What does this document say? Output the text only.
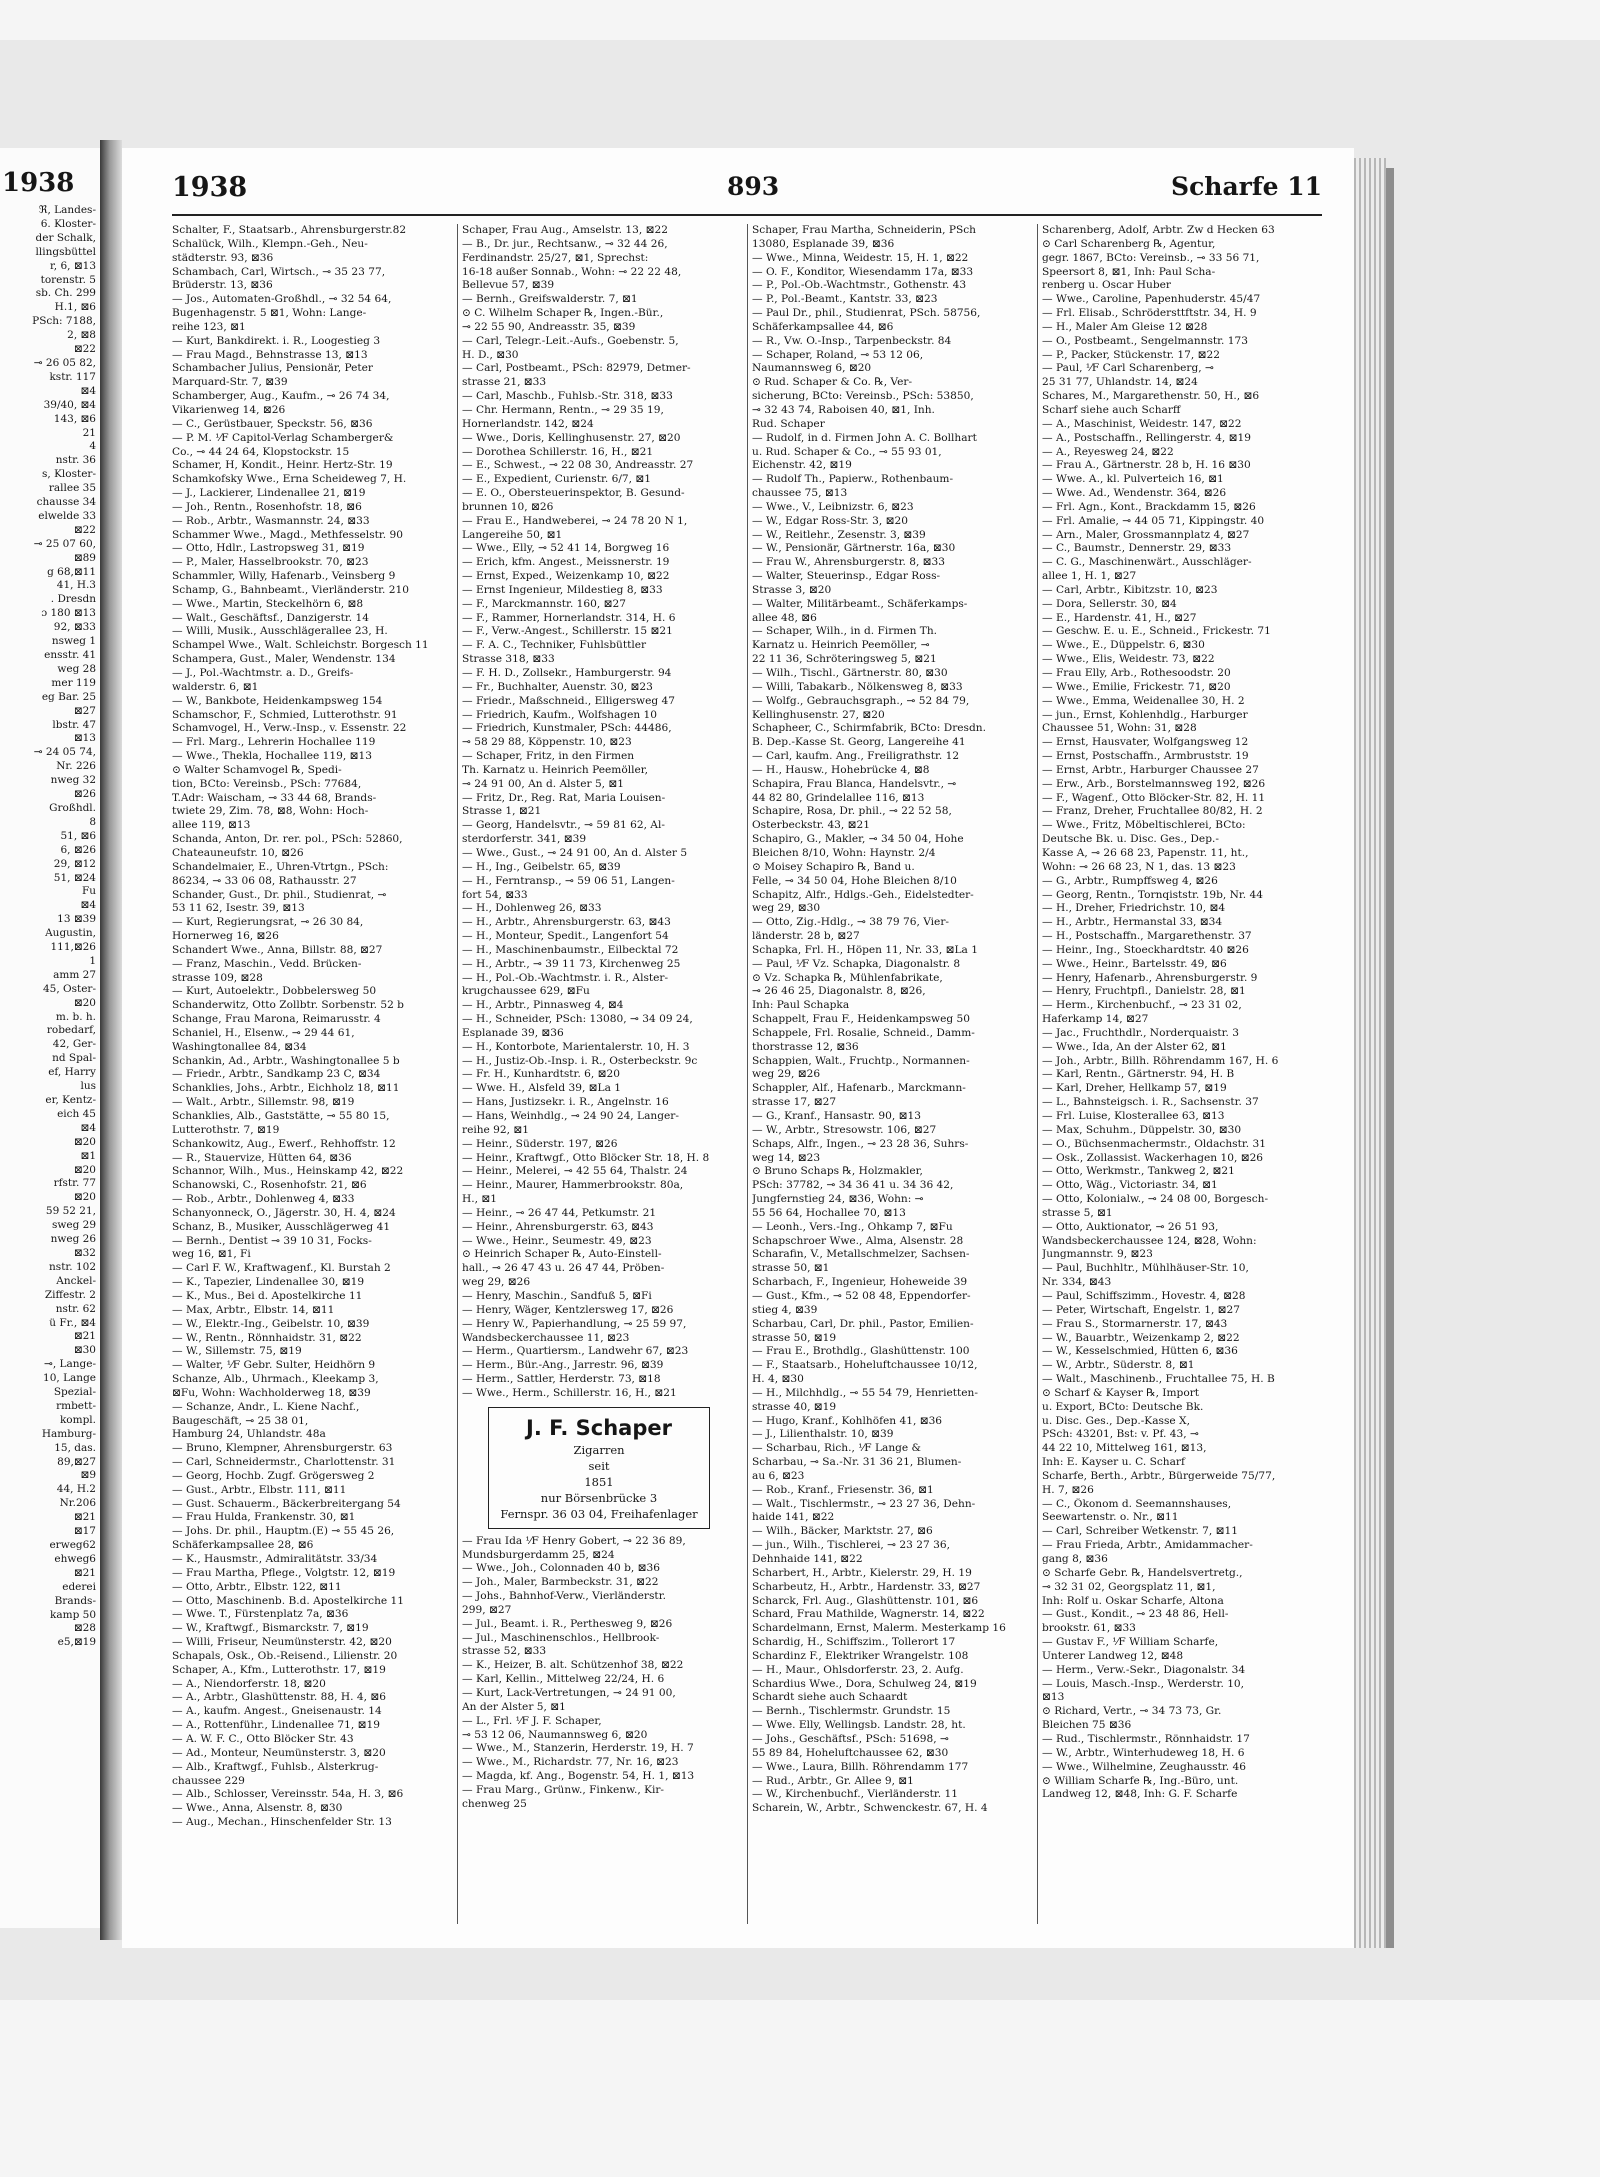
1938
ℜ, Landes-
6. Kloster-
der Schalk,
llingsbüttel
r, 6, ⊠13
torenstr. 5
sb. Ch. 299
H.1, ⊠6
PSch: 7188,
2, ⊠8
⊠22
⊸ 26 05 82,
kstr. 117
⊠4
39/40, ⊠4
143, ⊠6
21
4
nstr. 36
s, Kloster-
rallee 35
chausse 34
elwelde 33
⊠22
⊸ 25 07 60,
⊠89
g 68,⊠11
41, H.3
. Dresdn
ɔ 180 ⊠13
92, ⊠33
nsweg 1
ensstr. 41
weg 28
mer 119
eg Bar. 25
⊠27
lbstr. 47
⊠13
⊸ 24 05 74,
Nr. 226
nweg 32
⊠26
Großhdl.
8
51, ⊠6
6, ⊠26
29, ⊠12
51, ⊠24
Fu
⊠4
13 ⊠39
Augustin,
111,⊠26
1
amm 27
45, Oster-
⊠20
m. b. h.
robedarf,
42, Ger-
nd Spal-
ef, Harry
lus
er, Kentz-
eich 45
⊠4
⊠20
⊠1
⊠20
rfstr. 77
⊠20
59 52 21,
sweg 29
nweg 26
⊠32
nstr. 102
Anckel-
Ziffestr. 2
nstr. 62
ü Fr., ⊠4
⊠21
⊠30
⊸, Lange-
10, Lange
Spezial-
rmbett-
kompl.
Hamburg-
15, das.
89,⊠27
⊠9
44, H.2
Nr.206
⊠21
⊠17
erweg62
ehweg6
⊠21
ederei
Brands-
kamp 50
⊠28
e5,⊠19
1938	893	Scharfe 11
Schalter, F., Staatsarb., Ahrensburgerstr.82
Schalück, Wilh., Klempn.-Geh., Neu-
städterstr. 93, ⊠36
Schambach, Carl, Wirtsch., ⊸ 35 23 77,
Brüderstr. 13, ⊠36
— Jos., Automaten-Großhdl., ⊸ 32 54 64,
Bugenhagenstr. 5 ⊠1, Wohn: Lange-
reihe 123, ⊠1
— Kurt, Bankdirekt. i. R., Loogestieg 3
— Frau Magd., Behnstrasse 13, ⊠13
Schambacher Julius, Pensionär, Peter
Marquard-Str. 7, ⊠39
Schamberger, Aug., Kaufm., ⊸ 26 74 34,
Vikarienweg 14, ⊠26
— C., Gerüstbauer, Speckstr. 56, ⊠36
— P. M. ⅟F Capitol-Verlag Schamberger&
Co., ⊸ 44 24 64, Klopstockstr. 15
Schamer, H, Kondit., Heinr. Hertz-Str. 19
Schamkofsky Wwe., Erna Scheideweg 7, H.
— J., Lackierer, Lindenallee 21, ⊠19
— Joh., Rentn., Rosenhofstr. 18, ⊠6
— Rob., Arbtr., Wasmannstr. 24, ⊠33
Schammer Wwe., Magd., Methfesselstr. 90
— Otto, Hdlr., Lastropsweg 31, ⊠19
— P., Maler, Hasselbrookstr. 70, ⊠23
Schammler, Willy, Hafenarb., Veinsberg 9
Schamp, G., Bahnbeamt., Vierländerstr. 210
— Wwe., Martin, Steckelhörn 6, ⊠8
— Walt., Geschäftsf., Danzigerstr. 14
— Willi, Musik., Ausschlägerallee 23, H.
Schampel Wwe., Walt. Schleichstr. Borgesch 11
Schampera, Gust., Maler, Wendenstr. 134
— J., Pol.-Wachtmstr. a. D., Greifs-
walderstr. 6, ⊠1
— W., Bankbote, Heidenkampsweg 154
Schamschor, F., Schmied, Lutterothstr. 91
Schamvogel, H., Verw.-Insp., v. Essenstr. 22
— Frl. Marg., Lehrerin Hochallee 119
— Wwe., Thekla, Hochallee 119, ⊠13
⊙ Walter Schamvogel ℞, Spedi-
tion, BCto: Vereinsb., PSch: 77684,
T.Adr: Waischam, ⊸ 33 44 68, Brands-
twiete 29, Zim. 78, ⊠8, Wohn: Hoch-
allee 119, ⊠13
Schanda, Anton, Dr. rer. pol., PSch: 52860,
Chateauneufstr. 10, ⊠26
Schandelmaier, E., Uhren-Vtrtgn., PSch:
86234, ⊸ 33 06 08, Rathausstr. 27
Schander, Gust., Dr. phil., Studienrat, ⊸
53 11 62, Isestr. 39, ⊠13
— Kurt, Regierungsrat, ⊸ 26 30 84,
Hornerweg 16, ⊠26
Schandert Wwe., Anna, Billstr. 88, ⊠27
— Franz, Maschin., Vedd. Brücken-
strasse 109, ⊠28
— Kurt, Autoelektr., Dobbelersweg 50
Schanderwitz, Otto Zollbtr. Sorbenstr. 52 b
Schange, Frau Marona, Reimarusstr. 4
Schaniel, H., Elsenw., ⊸ 29 44 61,
Washingtonallee 84, ⊠34
Schankin, Ad., Arbtr., Washingtonallee 5 b
— Friedr., Arbtr., Sandkamp 23 C, ⊠34
Schanklies, Johs., Arbtr., Eichholz 18, ⊠11
— Walt., Arbtr., Sillemstr. 98, ⊠19
Schanklies, Alb., Gaststätte, ⊸ 55 80 15,
Lutterothstr. 7, ⊠19
Schankowitz, Aug., Ewerf., Rehhoffstr. 12
— R., Stauervize, Hütten 64, ⊠36
Schannor, Wilh., Mus., Heinskamp 42, ⊠22
Schanowski, C., Rosenhofstr. 21, ⊠6
— Rob., Arbtr., Dohlenweg 4, ⊠33
Schanyonneck, O., Jägerstr. 30, H. 4, ⊠24
Schanz, B., Musiker, Ausschlägerweg 41
— Bernh., Dentist ⊸ 39 10 31, Focks-
weg 16, ⊠1, Fi
— Carl F. W., Kraftwagenf., Kl. Burstah 2
— K., Tapezier, Lindenallee 30, ⊠19
— K., Mus., Bei d. Apostelkirche 11
— Max, Arbtr., Elbstr. 14, ⊠11
— W., Elektr.-Ing., Geibelstr. 10, ⊠39
— W., Rentn., Rönnhaidstr. 31, ⊠22
— W., Sillemstr. 75, ⊠19
— Walter, ⅟F Gebr. Sulter, Heidhörn 9
Schanze, Alb., Uhrmach., Kleekamp 3,
⊠Fu, Wohn: Wachholderweg 18, ⊠39
— Schanze, Andr., L. Kiene Nachf.,
Baugeschäft, ⊸ 25 38 01,
Hamburg 24, Uhlandstr. 48a
— Bruno, Klempner, Ahrensburgerstr. 63
— Carl, Schneidermstr., Charlottenstr. 31
— Georg, Hochb. Zugf. Grögersweg 2
— Gust., Arbtr., Elbstr. 111, ⊠11
— Gust. Schauerm., Bäckerbreitergang 54
— Frau Hulda, Frankenstr. 30, ⊠1
— Johs. Dr. phil., Hauptm.(E) ⊸ 55 45 26,
Schäferkampsallee 28, ⊠6
— K., Hausmstr., Admiralitätstr. 33/34
— Frau Martha, Pflege., Volgtstr. 12, ⊠19
— Otto, Arbtr., Elbstr. 122, ⊠11
— Otto, Maschinenb. B.d. Apostelkirche 11
— Wwe. T., Fürstenplatz 7a, ⊠36
— W., Kraftwgf., Bismarckstr. 7, ⊠19
— Willi, Friseur, Neumünsterstr. 42, ⊠20
Schapals, Osk., Ob.-Reisend., Lilienstr. 20
Schaper, A., Kfm., Lutterothstr. 17, ⊠19
— A., Niendorferstr. 18, ⊠20
— A., Arbtr., Glashüttenstr. 88, H. 4, ⊠6
— A., kaufm. Angest., Gneisenaustr. 14
— A., Rottenführ., Lindenallee 71, ⊠19
— A. W. F. C., Otto Blöcker Str. 43
— Ad., Monteur, Neumünsterstr. 3, ⊠20
— Alb., Kraftwgf., Fuhlsb., Alsterkrug-
chaussee 229
— Alb., Schlosser, Vereinsstr. 54a, H. 3, ⊠6
— Wwe., Anna, Alsenstr. 8, ⊠30
— Aug., Mechan., Hinschenfelder Str. 13
Schaper, Frau Aug., Amselstr. 13, ⊠22
— B., Dr. jur., Rechtsanw., ⊸ 32 44 26,
Ferdinandstr. 25/27, ⊠1, Sprechst:
16-18 außer Sonnab., Wohn: ⊸ 22 22 48,
Bellevue 57, ⊠39
— Bernh., Greifswalderstr. 7, ⊠1
⊙ C. Wilhelm Schaper ℞, Ingen.-Bür.,
⊸ 22 55 90, Andreasstr. 35, ⊠39
— Carl, Telegr.-Leit.-Aufs., Goebenstr. 5,
H. D., ⊠30
— Carl, Postbeamt., PSch: 82979, Detmer-
strasse 21, ⊠33
— Carl, Maschb., Fuhlsb.-Str. 318, ⊠33
— Chr. Hermann, Rentn., ⊸ 29 35 19,
Hornerlandstr. 142, ⊠24
— Wwe., Doris, Kellinghusenstr. 27, ⊠20
— Dorothea Schillerstr. 16, H., ⊠21
— E., Schwest., ⊸ 22 08 30, Andreasstr. 27
— E., Expedient, Curienstr. 6/7, ⊠1
— E. O., Obersteuerinspektor, B. Gesund-
brunnen 10, ⊠26
— Frau E., Handweberei, ⊸ 24 78 20 N 1,
Langereihe 50, ⊠1
— Wwe., Elly, ⊸ 52 41 14, Borgweg 16
— Erich, kfm. Angest., Meissnerstr. 19
— Ernst, Exped., Weizenkamp 10, ⊠22
— Ernst Ingenieur, Mildestieg 8, ⊠33
— F., Marckmannstr. 160, ⊠27
— F., Rammer, Hornerlandstr. 314, H. 6
— F., Verw.-Angest., Schillerstr. 15 ⊠21
— F. A. C., Techniker, Fuhlsbüttler
Strasse 318, ⊠33
— F. H. D., Zollsekr., Hamburgerstr. 94
— Fr., Buchhalter, Auenstr. 30, ⊠23
— Friedr., Maßschneid., Elligersweg 47
— Friedrich, Kaufm., Wolfshagen 10
— Friedrich, Kunstmaler, PSch: 44486,
⊸ 58 29 88, Köppenstr. 10, ⊠23
— Schaper, Fritz, in den Firmen
Th. Karnatz u. Heinrich Peemöller,
⊸ 24 91 00, An d. Alster 5, ⊠1
— Fritz, Dr., Reg. Rat, Maria Louisen-
Strasse 1, ⊠21
— Georg, Handelsvtr., ⊸ 59 81 62, Al-
sterdorferstr. 341, ⊠39
— Wwe., Gust., ⊸ 24 91 00, An d. Alster 5
— H., Ing., Geibelstr. 65, ⊠39
— H., Ferntransp., ⊸ 59 06 51, Langen-
fort 54, ⊠33
— H., Dohlenweg 26, ⊠33
— H., Arbtr., Ahrensburgerstr. 63, ⊠43
— H., Monteur, Spedit., Langenfort 54
— H., Maschinenbaumstr., Eilbecktal 72
— H., Arbtr., ⊸ 39 11 73, Kirchenweg 25
— H., Pol.-Ob.-Wachtmstr. i. R., Alster-
krugchaussee 629, ⊠Fu
— H., Arbtr., Pinnasweg 4, ⊠4
— H., Schneider, PSch: 13080, ⊸ 34 09 24,
Esplanade 39, ⊠36
— H., Kontorbote, Marientalerstr. 10, H. 3
— H., Justiz-Ob.-Insp. i. R., Osterbeckstr. 9c
— Fr. H., Kunhardtstr. 6, ⊠20
— Wwe. H., Alsfeld 39, ⊠La 1
— Hans, Justizsekr. i. R., Angelnstr. 16
— Hans, Weinhdlg., ⊸ 24 90 24, Langer-
reihe 92, ⊠1
— Heinr., Süderstr. 197, ⊠26
— Heinr., Kraftwgf., Otto Blöcker Str. 18, H. 8
— Heinr., Melerei, ⊸ 42 55 64, Thalstr. 24
— Heinr., Maurer, Hammerbrookstr. 80a,
H., ⊠1
— Heinr., ⊸ 26 47 44, Petkumstr. 21
— Heinr., Ahrensburgerstr. 63, ⊠43
— Wwe., Heinr., Seumestr. 49, ⊠23
⊙ Heinrich Schaper ℞, Auto-Einstell-
hall., ⊸ 26 47 43 u. 26 47 44, Pröben-
weg 29, ⊠26
— Henry, Maschin., Sandfuß 5, ⊠Fi
— Henry, Wäger, Kentzlersweg 17, ⊠26
— Henry W., Papierhandlung, ⊸ 25 59 97,
Wandsbeckerchaussee 11, ⊠23
— Herm., Quartiersm., Landwehr 67, ⊠23
— Herm., Bür.-Ang., Jarrestr. 96, ⊠39
— Herm., Sattler, Herderstr. 73, ⊠18
— Wwe., Herm., Schillerstr. 16, H., ⊠21
J. F. Schaper
Zigarren
seit
1851
nur Börsenbrücke 3
Fernspr. 36 03 04, Freihafenlager
— Frau Ida ⅟F Henry Gobert, ⊸ 22 36 89,
Mundsburgerdamm 25, ⊠24
— Wwe., Joh., Colonnaden 40 b, ⊠36
— Joh., Maler, Barmbeckstr. 31, ⊠22
— Johs., Bahnhof-Verw., Vierländerstr.
299, ⊠27
— Jul., Beamt. i. R., Perthesweg 9, ⊠26
— Jul., Maschinenschlos., Hellbrook-
strasse 52, ⊠33
— K., Heizer, B. alt. Schützenhof 38, ⊠22
— Karl, Kellin., Mittelweg 22/24, H. 6
— Kurt, Lack-Vertretungen, ⊸ 24 91 00,
An der Alster 5, ⊠1
— L., Frl. ⅟F J. F. Schaper,
⊸ 53 12 06, Naumannsweg 6, ⊠20
— Wwe., M., Stanzerin, Herderstr. 19, H. 7
— Wwe., M., Richardstr. 77, Nr. 16, ⊠23
— Magda, kf. Ang., Bogenstr. 54, H. 1, ⊠13
— Frau Marg., Grünw., Finkenw., Kir-
chenweg 25
Schaper, Frau Martha, Schneiderin, PSch
13080, Esplanade 39, ⊠36
— Wwe., Minna, Weidestr. 15, H. 1, ⊠22
— O. F., Konditor, Wiesendamm 17a, ⊠33
— P., Pol.-Ob.-Wachtmstr., Gothenstr. 43
— P., Pol.-Beamt., Kantstr. 33, ⊠23
— Paul Dr., phil., Studienrat, PSch. 58756,
Schäferkampsallee 44, ⊠6
— R., Vw. O.-Insp., Tarpenbeckstr. 84
— Schaper, Roland, ⊸ 53 12 06,
Naumannsweg 6, ⊠20
⊙ Rud. Schaper & Co. ℞, Ver-
sicherung, BCto: Vereinsb., PSch: 53850,
⊸ 32 43 74, Raboisen 40, ⊠1, Inh.
Rud. Schaper
— Rudolf, in d. Firmen John A. C. Bollhart
u. Rud. Schaper & Co., ⊸ 55 93 01,
Eichenstr. 42, ⊠19
— Rudolf Th., Papierw., Rothenbaum-
chaussee 75, ⊠13
— Wwe., V., Leibnizstr. 6, ⊠23
— W., Edgar Ross-Str. 3, ⊠20
— W., Reitlehr., Zesenstr. 3, ⊠39
— W., Pensionär, Gärtnerstr. 16a, ⊠30
— Frau W., Ahrensburgerstr. 8, ⊠33
— Walter, Steuerinsp., Edgar Ross-
Strasse 3, ⊠20
— Walter, Militärbeamt., Schäferkamps-
allee 48, ⊠6
— Schaper, Wilh., in d. Firmen Th.
Karnatz u. Heinrich Peemöller, ⊸
22 11 36, Schröteringsweg 5, ⊠21
— Wilh., Tischl., Gärtnerstr. 80, ⊠30
— Willi, Tabakarb., Nölkensweg 8, ⊠33
— Wolfg., Gebrauchsgraph., ⊸ 52 84 79,
Kellinghusenstr. 27, ⊠20
Schapheer, C., Schirmfabrik, BCto: Dresdn.
B. Dep.-Kasse St. Georg, Langereihe 41
— Carl, kaufm. Ang., Freiligrathstr. 12
— H., Hausw., Hohebrücke 4, ⊠8
Schapira, Frau Blanca, Handelsvtr., ⊸
44 82 80, Grindelallee 116, ⊠13
Schapire, Rosa, Dr. phil., ⊸ 22 52 58,
Osterbeckstr. 43, ⊠21
Schapiro, G., Makler, ⊸ 34 50 04, Hohe
Bleichen 8/10, Wohn: Haynstr. 2/4
⊙ Moisey Schapiro ℞, Band u.
Felle, ⊸ 34 50 04, Hohe Bleichen 8/10
Schapitz, Alfr., Hdlgs.-Geh., Eidelstedter-
weg 29, ⊠30
— Otto, Zig.-Hdlg., ⊸ 38 79 76, Vier-
länderstr. 28 b, ⊠27
Schapka, Frl. H., Höpen 11, Nr. 33, ⊠La 1
— Paul, ⅟F Vz. Schapka, Diagonalstr. 8
⊙ Vz. Schapka ℞, Mühlenfabrikate,
⊸ 26 46 25, Diagonalstr. 8, ⊠26,
Inh: Paul Schapka
Schappelt, Frau F., Heidenkampsweg 50
Schappele, Frl. Rosalie, Schneid., Damm-
thorstrasse 12, ⊠36
Schappien, Walt., Fruchtp., Normannen-
weg 29, ⊠26
Schappler, Alf., Hafenarb., Marckmann-
strasse 17, ⊠27
— G., Kranf., Hansastr. 90, ⊠13
— W., Arbtr., Stresowstr. 106, ⊠27
Schaps, Alfr., Ingen., ⊸ 23 28 36, Suhrs-
weg 14, ⊠23
⊙ Bruno Schaps ℞, Holzmakler,
PSch: 37782, ⊸ 34 36 41 u. 34 36 42,
Jungfernstieg 24, ⊠36, Wohn: ⊸
55 56 64, Hochallee 70, ⊠13
— Leonh., Vers.-Ing., Ohkamp 7, ⊠Fu
Schapschroer Wwe., Alma, Alsenstr. 28
Scharafin, V., Metallschmelzer, Sachsen-
strasse 50, ⊠1
Scharbach, F., Ingenieur, Hoheweide 39
— Gust., Kfm., ⊸ 52 08 48, Eppendorfer-
stieg 4, ⊠39
Scharbau, Carl, Dr. phil., Pastor, Emilien-
strasse 50, ⊠19
— Frau E., Brothdlg., Glashüttenstr. 100
— F., Staatsarb., Hoheluftchaussee 10/12,
H. 4, ⊠30
— H., Milchhdlg., ⊸ 55 54 79, Henrietten-
strasse 40, ⊠19
— Hugo, Kranf., Kohlhöfen 41, ⊠36
— J., Lilienthalstr. 10, ⊠39
— Scharbau, Rich., ⅟F Lange &
Scharbau, ⊸ Sa.-Nr. 31 36 21, Blumen-
au 6, ⊠23
— Rob., Kranf., Friesenstr. 36, ⊠1
— Walt., Tischlermstr., ⊸ 23 27 36, Dehn-
haide 141, ⊠22
— Wilh., Bäcker, Marktstr. 27, ⊠6
— jun., Wilh., Tischlerei, ⊸ 23 27 36,
Dehnhaide 141, ⊠22
Scharbert, H., Arbtr., Kielerstr. 29, H. 19
Scharbeutz, H., Arbtr., Hardenstr. 33, ⊠27
Scharck, Frl. Aug., Glashüttenstr. 101, ⊠6
Schard, Frau Mathilde, Wagnerstr. 14, ⊠22
Schardelmann, Ernst, Malerm. Mesterkamp 16
Schardig, H., Schiffszim., Tollerort 17
Schardinz F., Elektriker Wrangelstr. 108
— H., Maur., Ohlsdorferstr. 23, 2. Aufg.
Schardius Wwe., Dora, Schulweg 24, ⊠19
Schardt siehe auch Schaardt
— Bernh., Tischlermstr. Grundstr. 15
— Wwe. Elly, Wellingsb. Landstr. 28, ht.
— Johs., Geschäftsf., PSch: 51698, ⊸
55 89 84, Hoheluftchaussee 62, ⊠30
— Wwe., Laura, Billh. Röhrendamm 177
— Rud., Arbtr., Gr. Allee 9, ⊠1
— W., Kirchenbuchf., Vierländerstr. 11
Scharein, W., Arbtr., Schwenckestr. 67, H. 4
Scharenberg, Adolf, Arbtr. Zw d Hecken 63
⊙ Carl Scharenberg ℞, Agentur,
gegr. 1867, BCto: Vereinsb., ⊸ 33 56 71,
Speersort 8, ⊠1, Inh: Paul Scha-
renberg u. Oscar Huber
— Wwe., Caroline, Papenhuderstr. 45/47
— Frl. Elisab., Schrödersttftstr. 34, H. 9
— H., Maler Am Gleise 12 ⊠28
— O., Postbeamt., Sengelmannstr. 173
— P., Packer, Stückenstr. 17, ⊠22
— Paul, ⅟F Carl Scharenberg, ⊸
25 31 77, Uhlandstr. 14, ⊠24
Schares, M., Margarethenstr. 50, H., ⊠6
Scharf siehe auch Scharff
— A., Maschinist, Weidestr. 147, ⊠22
— A., Postschaffn., Rellingerstr. 4, ⊠19
— A., Reyesweg 24, ⊠22
— Frau A., Gärtnerstr. 28 b, H. 16 ⊠30
— Wwe. A., kl. Pulverteich 16, ⊠1
— Wwe. Ad., Wendenstr. 364, ⊠26
— Frl. Agn., Kont., Brackdamm 15, ⊠26
— Frl. Amalie, ⊸ 44 05 71, Kippingstr. 40
— Arn., Maler, Grossmannplatz 4, ⊠27
— C., Baumstr., Dennerstr. 29, ⊠33
— C. G., Maschinenwärt., Ausschläger-
allee 1, H. 1, ⊠27
— Carl, Arbtr., Kibitzstr. 10, ⊠23
— Dora, Sellerstr. 30, ⊠4
— E., Hardenstr. 41, H., ⊠27
— Geschw. E. u. E., Schneid., Frickestr. 71
— Wwe., E., Düppelstr. 6, ⊠30
— Wwe., Elis, Weidestr. 73, ⊠22
— Frau Elly, Arb., Rothesoodstr. 20
— Wwe., Emilie, Frickestr. 71, ⊠20
— Wwe., Emma, Weidenallee 30, H. 2
— jun., Ernst, Kohlenhdlg., Harburger
Chaussee 51, Wohn: 31, ⊠28
— Ernst, Hausvater, Wolfgangsweg 12
— Ernst, Postschaffn., Armbruststr. 19
— Ernst, Arbtr., Harburger Chaussee 27
— Erw., Arb., Borstelmannsweg 192, ⊠26
— F., Wagenf., Otto Blöcker-Str. 82, H. 11
— Franz, Dreher, Fruchtallee 80/82, H. 2
— Wwe., Fritz, Möbeltischlerei, BCto:
Deutsche Bk. u. Disc. Ges., Dep.-
Kasse A, ⊸ 26 68 23, Papenstr. 11, ht.,
Wohn: ⊸ 26 68 23, N 1, das. 13 ⊠23
— G., Arbtr., Rumpffsweg 4, ⊠26
— Georg, Rentn., Tornqiststr. 19b, Nr. 44
— H., Dreher, Friedrichstr. 10, ⊠4
— H., Arbtr., Hermanstal 33, ⊠34
— H., Postschaffn., Margarethenstr. 37
— Heinr., Ing., Stoeckhardtstr. 40 ⊠26
— Wwe., Heinr., Bartelsstr. 49, ⊠6
— Henry, Hafenarb., Ahrensburgerstr. 9
— Henry, Fruchtpfl., Danielstr. 28, ⊠1
— Herm., Kirchenbuchf., ⊸ 23 31 02,
Haferkamp 14, ⊠27
— Jac., Fruchthdlr., Norderquaistr. 3
— Wwe., Ida, An der Alster 62, ⊠1
— Joh., Arbtr., Billh. Röhrendamm 167, H. 6
— Karl, Rentn., Gärtnerstr. 94, H. B
— Karl, Dreher, Hellkamp 57, ⊠19
— L., Bahnsteigsch. i. R., Sachsenstr. 37
— Frl. Luise, Klosterallee 63, ⊠13
— Max, Schuhm., Düppelstr. 30, ⊠30
— O., Büchsenmachermstr., Oldachstr. 31
— Osk., Zollassist. Wackerhagen 10, ⊠26
— Otto, Werkmstr., Tankweg 2, ⊠21
— Otto, Wäg., Victoriastr. 34, ⊠1
— Otto, Kolonialw., ⊸ 24 08 00, Borgesch-
strasse 5, ⊠1
— Otto, Auktionator, ⊸ 26 51 93,
Wandsbeckerchaussee 124, ⊠28, Wohn:
Jungmannstr. 9, ⊠23
— Paul, Buchhltr., Mühlhäuser-Str. 10,
Nr. 334, ⊠43
— Paul, Schiffszimm., Hovestr. 4, ⊠28
— Peter, Wirtschaft, Engelstr. 1, ⊠27
— Frau S., Stormarnerstr. 17, ⊠43
— W., Bauarbtr., Weizenkamp 2, ⊠22
— W., Kesselschmied, Hütten 6, ⊠36
— W., Arbtr., Süderstr. 8, ⊠1
— Walt., Maschinenb., Fruchtallee 75, H. B
⊙ Scharf & Kayser ℞, Import
u. Export, BCto: Deutsche Bk.
u. Disc. Ges., Dep.-Kasse X,
PSch: 43201, Bst: v. Pf. 43, ⊸
44 22 10, Mittelweg 161, ⊠13,
Inh: E. Kayser u. C. Scharf
Scharfe, Berth., Arbtr., Bürgerweide 75/77,
H. 7, ⊠26
— C., Ökonom d. Seemannshauses,
Seewartenstr. o. Nr., ⊠11
— Carl, Schreiber Wetkenstr. 7, ⊠11
— Frau Frieda, Arbtr., Amidammacher-
gang 8, ⊠36
⊙ Scharfe Gebr. ℞, Handelsvertretg.,
⊸ 32 31 02, Georgsplatz 11, ⊠1,
Inh: Rolf u. Oskar Scharfe, Altona
— Gust., Kondit., ⊸ 23 48 86, Hell-
brookstr. 61, ⊠33
— Gustav F., ⅟F William Scharfe,
Unterer Landweg 12, ⊠48
— Herm., Verw.-Sekr., Diagonalstr. 34
— Louis, Masch.-Insp., Werderstr. 10,
⊠13
⊙ Richard, Vertr., ⊸ 34 73 73, Gr.
Bleichen 75 ⊠36
— Rud., Tischlermstr., Rönnhaidstr. 17
— W., Arbtr., Winterhudeweg 18, H. 6
— Wwe., Wilhelmine, Zeughausstr. 46
⊙ William Scharfe ℞, Ing.-Büro, unt.
Landweg 12, ⊠48, Inh: G. F. Scharfe
